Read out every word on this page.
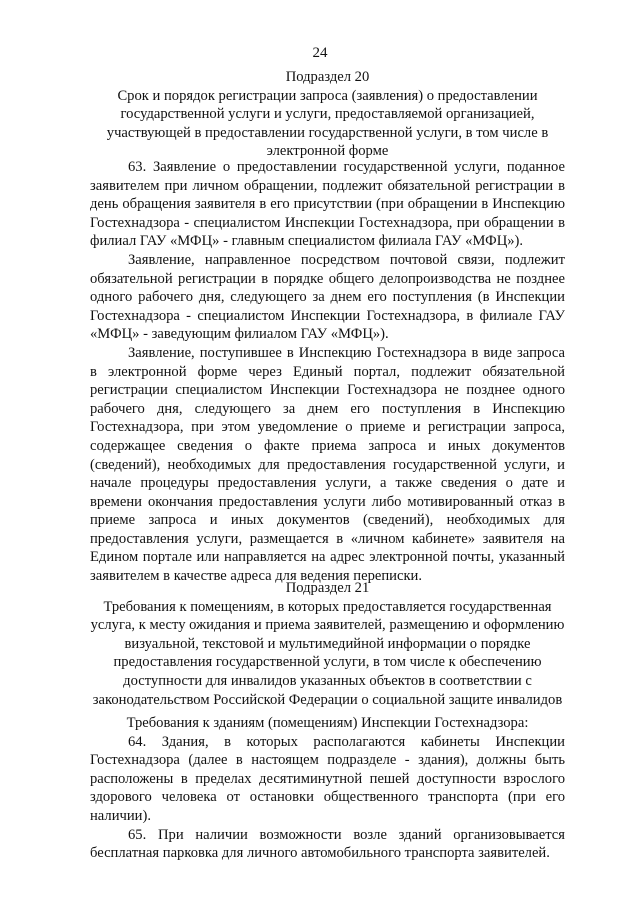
24
Подраздел 20
Срок и порядок регистрации запроса (заявления) о предоставлении государственной услуги и услуги, предоставляемой организацией, участвующей в предоставлении государственной услуги, в том числе в электронной форме

63. Заявление о предоставлении государственной услуги, поданное заявителем при личном обращении, подлежит обязательной регистрации в день обращения заявителя в его присутствии (при обращении в Инспекцию Гостехнадзора - специалистом Инспекции Гостехнадзора, при обращении в филиал ГАУ «МФЦ» - главным специалистом филиала ГАУ «МФЦ»).

Заявление, направленное посредством почтовой связи, подлежит обязательной регистрации в порядке общего делопроизводства не позднее одного рабочего дня, следующего за днем его поступления (в Инспекции Гостехнадзора - специалистом Инспекции Гостехнадзора, в филиале ГАУ «МФЦ» - заведующим филиалом ГАУ «МФЦ»).

Заявление, поступившее в Инспекцию Гостехнадзора в виде запроса в электронной форме через Единый портал, подлежит обязательной регистрации специалистом Инспекции Гостехнадзора не позднее одного рабочего дня, следующего за днем его поступления в Инспекцию Гостехнадзора, при этом уведомление о приеме и регистрации запроса, содержащее сведения о факте приема запроса и иных документов (сведений), необходимых для предоставления государственной услуги, и начале процедуры предоставления услуги, а также сведения о дате и времени окончания предоставления услуги либо мотивированный отказ в приеме запроса и иных документов (сведений), необходимых для предоставления услуги, размещается в «личном кабинете» заявителя на Едином портале или направляется на адрес электронной почты, указанный заявителем в качестве адреса для ведения переписки.

Подраздел 21
Требования к помещениям, в которых предоставляется государственная услуга, к месту ожидания и приема заявителей, размещению и оформлению визуальной, текстовой и мультимедийной информации о порядке предоставления государственной услуги, в том числе к обеспечению доступности для инвалидов указанных объектов в соответствии с законодательством Российской Федерации о социальной защите инвалидов

Требования к зданиям (помещениям) Инспекции Гостехнадзора:

64. Здания, в которых располагаются кабинеты Инспекции Гостехнадзора (далее в настоящем подразделе - здания), должны быть расположены в пределах десятиминутной пешей доступности взрослого здорового человека от остановки общественного транспорта (при его наличии).

65. При наличии возможности возле зданий организовывается бесплатная парковка для личного автомобильного транспорта заявителей.
